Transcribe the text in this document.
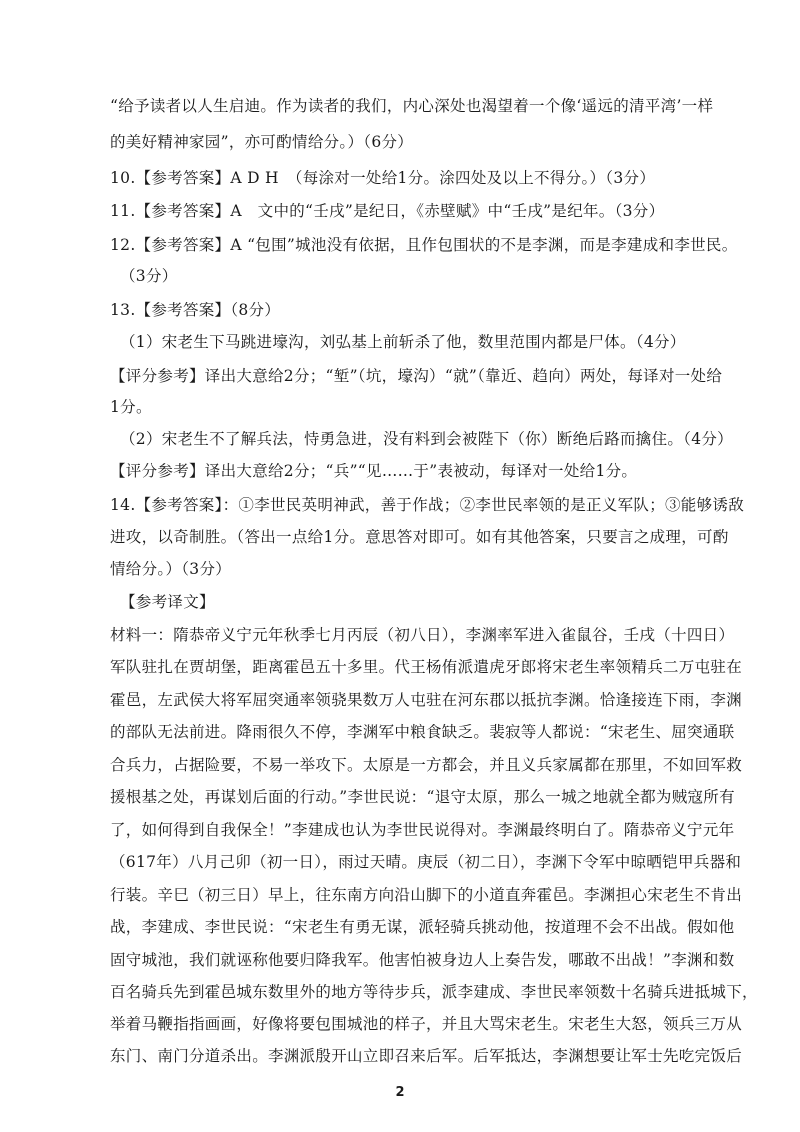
“给予读者以人生启迪。作为读者的我们，内心深处也渴望着一个像‘遥远的清平湾’一样
的美好精神家园”，亦可酌情给分。）（6分）
10.【参考答案】A D H　（每涂对一处给1分。涂四处及以上不得分。）（3分）
11.【参考答案】A　文中的“壬戌”是纪日，《赤壁赋》中“壬戌”是纪年。（3分）
12.【参考答案】A “包围”城池没有依据，且作包围状的不是李渊，而是李建成和李世民。
（3分）
13.【参考答案】（8分）
（1）宋老生下马跳进壕沟，刘弘基上前斩杀了他，数里范围内都是尸体。（4分）
【评分参考】译出大意给2分；“堑”（坑，壕沟）“就”（靠近、趋向）两处，每译对一处给
1分。
（2）宋老生不了解兵法，恃勇急进，没有料到会被陛下（你）断绝后路而擒住。（4分）
【评分参考】译出大意给2分；“兵”“见……于”表被动，每译对一处给1分。
14.【参考答案】：①李世民英明神武，善于作战；②李世民率领的是正义军队；③能够诱敌
进攻，以奇制胜。（答出一点给1分。意思答对即可。如有其他答案，只要言之成理，可酌
情给分。）（3分）
【参考译文】
材料一：隋恭帝义宁元年秋季七月丙辰（初八日），李渊率军进入雀鼠谷，壬戌（十四日）
军队驻扎在贾胡堡，距离霍邑五十多里。代王杨侑派遣虎牙郎将宋老生率领精兵二万屯驻在
霍邑，左武侯大将军屈突通率领骁果数万人屯驻在河东郡以抵抗李渊。恰逢接连下雨，李渊
的部队无法前进。降雨很久不停，李渊军中粮食缺乏。裴寂等人都说：“宋老生、屈突通联
合兵力，占据险要，不易一举攻下。太原是一方都会，并且义兵家属都在那里，不如回军救
援根基之处，再谋划后面的行动。”李世民说：“退守太原，那么一城之地就全都为贼寇所有
了，如何得到自我保全！”李建成也认为李世民说得对。李渊最终明白了。隋恭帝义宁元年
（617年）八月己卯（初一日），雨过天晴。庚辰（初二日），李渊下令军中晾晒铠甲兵器和
行装。辛巳（初三日）早上，往东南方向沿山脚下的小道直奔霍邑。李渊担心宋老生不肯出
战，李建成、李世民说：“宋老生有勇无谋，派轻骑兵挑动他，按道理不会不出战。假如他
固守城池，我们就诬称他要归降我军。他害怕被身边人上奏告发，哪敢不出战！”李渊和数
百名骑兵先到霍邑城东数里外的地方等待步兵，派李建成、李世民率领数十名骑兵进抵城下，
举着马鞭指指画画，好像将要包围城池的样子，并且大骂宋老生。宋老生大怒，领兵三万从
东门、南门分道杀出。李渊派殷开山立即召来后军。后军抵达，李渊想要让军士先吃完饭后
2
